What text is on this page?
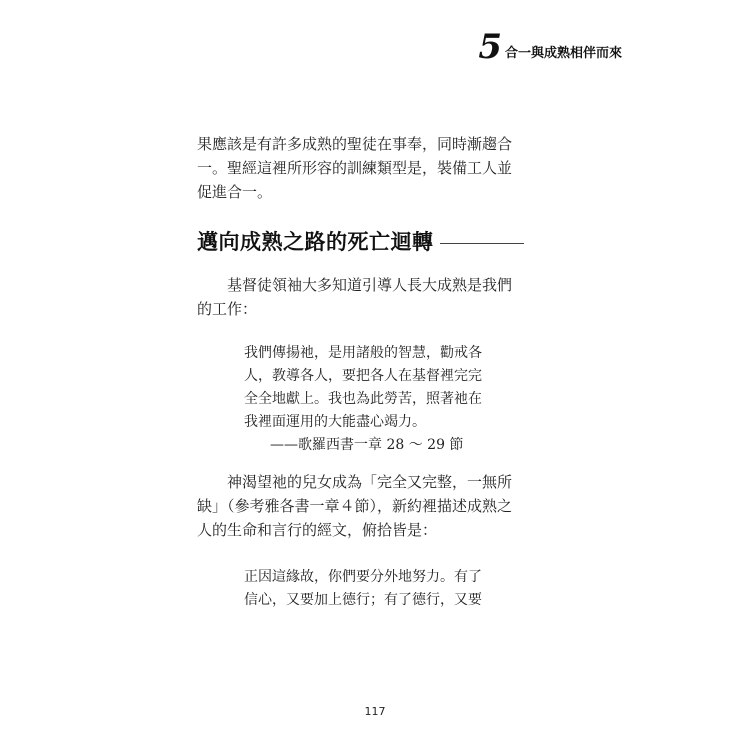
5 合一與成熟相伴而來

果應該是有許多成熟的聖徒在事奉，同時漸趨合一。聖經這裡所形容的訓練類型是，裝備工人並促進合一。

邁向成熟之路的死亡迴轉

基督徒領袖大多知道引導人長大成熟是我們的工作：

我們傳揚祂，是用諸般的智慧，勸戒各人，教導各人，要把各人在基督裡完完全全地獻上。我也為此勞苦，照著祂在我裡面運用的大能盡心竭力。

——歌羅西書一章 28 ～ 29 節

神渴望祂的兒女成為「完全又完整，一無所缺」（參考雅各書一章４節），新約裡描述成熟之人的生命和言行的經文，俯拾皆是：

正因這緣故，你們要分外地努力。有了信心，又要加上德行；有了德行，又要

117
